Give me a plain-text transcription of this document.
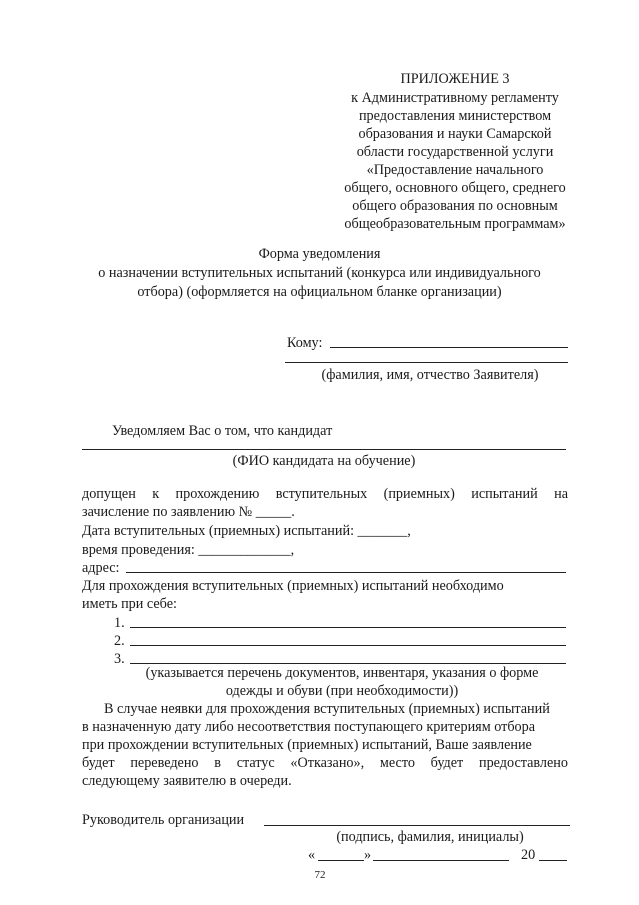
ПРИЛОЖЕНИЕ 3
к Административному регламенту
предоставления министерством
образования и науки Самарской
области государственной услуги
«Предоставление начального
общего, основного общего, среднего
общего образования по основным
общеобразовательным программам»
Форма уведомления
о назначении вступительных испытаний (конкурса или индивидуального
отбора) (оформляется на официальном бланке организации)
Кому:
(фамилия, имя, отчество Заявителя)
Уведомляем Вас о том, что кандидат
(ФИО кандидата на обучение)
допущен к прохождению вступительных (приемных) испытаний на
зачисление по заявлению № _____.
Дата вступительных (приемных) испытаний: _______,
время проведения: _____________,
адрес:
Для прохождения вступительных (приемных) испытаний необходимо
иметь при себе:
1.
2.
3.
(указывается перечень документов, инвентаря, указания о форме
одежды и обуви (при необходимости))
В случае неявки для прохождения вступительных (приемных) испытаний
в назначенную дату либо несоответствия поступающего критериям отбора
при прохождении вступительных (приемных) испытаний, Ваше заявление
будет переведено в статус «Отказано», место будет предоставлено
следующему заявителю в очереди.
Руководитель организации
(подпись, фамилия, инициалы)
«	»	20
72
